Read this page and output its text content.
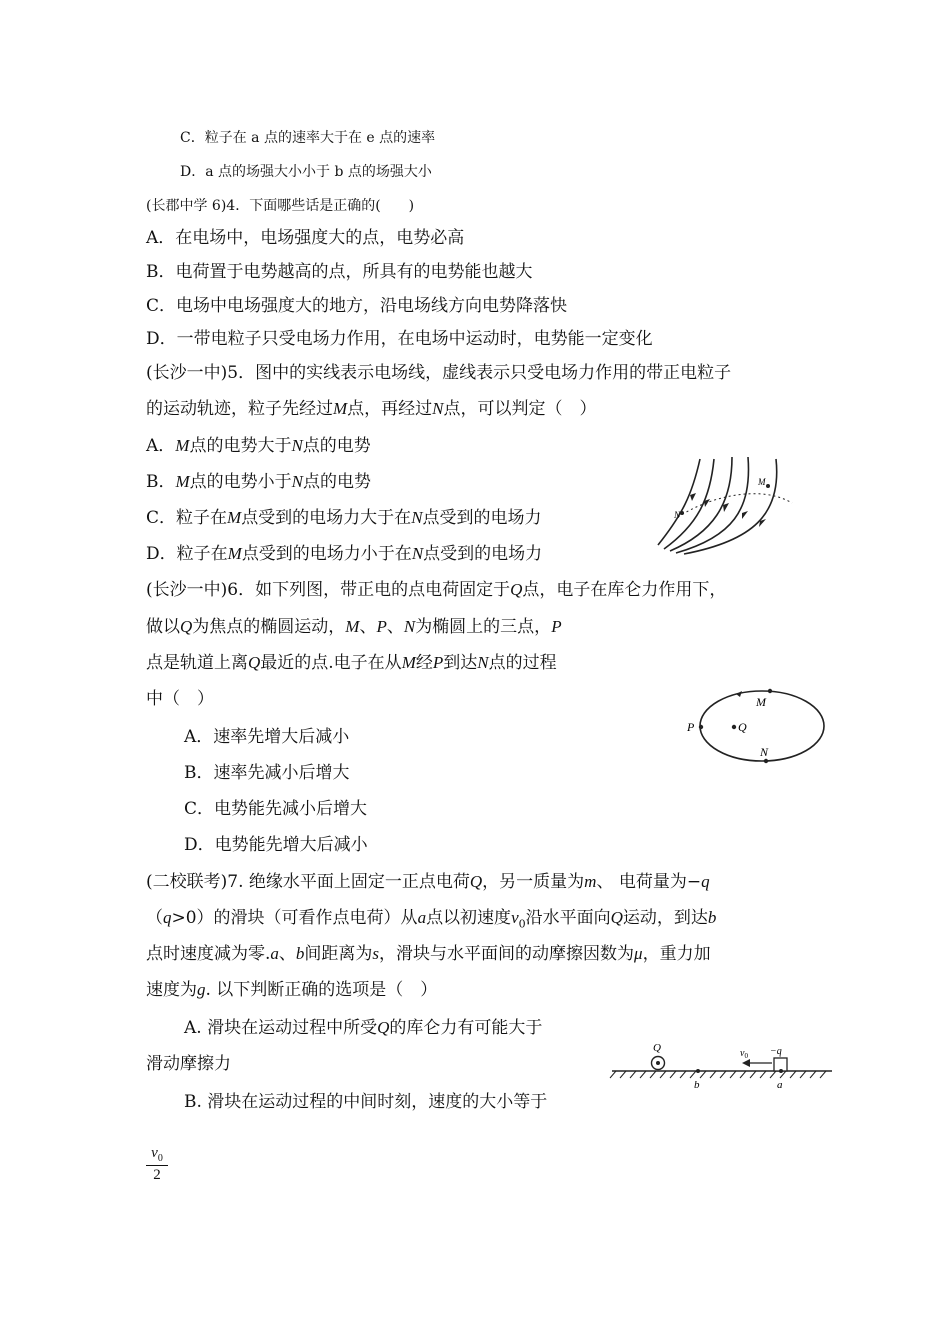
C．粒子在 a 点的速率大于在 e 点的速率
D．a 点的场强大小小于 b 点的场强大小
(长郡中学 6)4．下面哪些话是正确的(　　)
A．在电场中，电场强度大的点，电势必高
B．电荷置于电势越高的点，所具有的电势能也越大
C．电场中电场强度大的地方，沿电场线方向电势降落快
D．一带电粒子只受电场力作用，在电场中运动时，电势能一定变化
(长沙一中)5．图中的实线表示电场线，虚线表示只受电场力作用的带正电粒子
的运动轨迹，粒子先经过M点，再经过N点，可以判定（　）
A．M点的电势大于N点的电势
B．M点的电势小于N点的电势
C．粒子在M点受到的电场力大于在N点受到的电场力
D．粒子在M点受到的电场力小于在N点受到的电场力
M
N
(长沙一中)6．如下列图，带正电的点电荷固定于Q点，电子在库仑力作用下，
做以Q为焦点的椭圆运动，M、P、N为椭圆上的三点，P
点是轨道上离Q最近的点.电子在从M经P到达N点的过程
中（　）
A．速率先增大后减小
B．速率先减小后增大
C．电势能先减小后增大
D．电势能先增大后减小
P	Q
M
N
(二校联考)7. 绝缘水平面上固定一正点电荷Q，另一质量为m、 电荷量为−q
（q>0）的滑块（可看作点电荷）从a点以初速度$v_0$沿水平面向Q运动，到达b
点时速度减为零.a、b间距离为s，滑块与水平面间的动摩擦因数为μ，重力加
速度为g. 以下判断正确的选项是（　）
A. 滑块在运动过程中所受Q的库仑力有可能大于
滑动摩擦力
B. 滑块在运动过程的中间时刻，速度的大小等于
$v_0$
2
Q
b	a
−q
$v_0$
